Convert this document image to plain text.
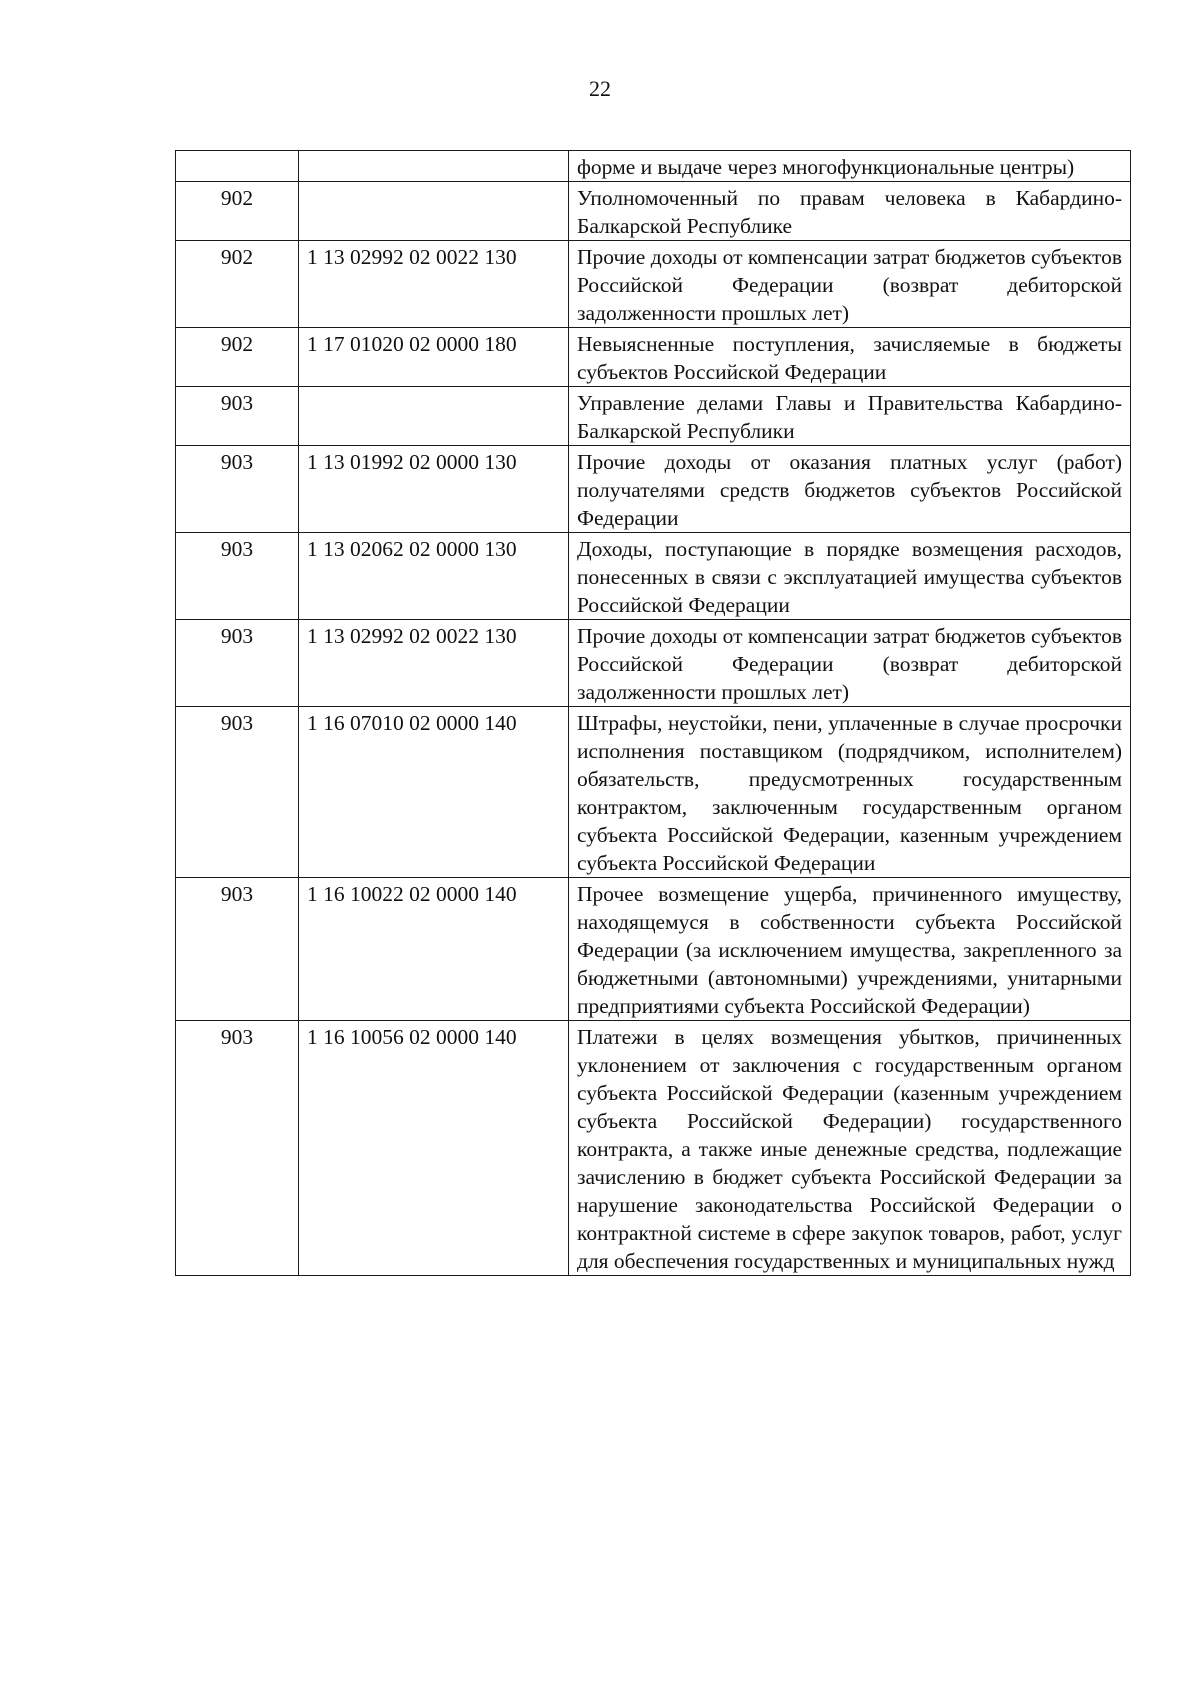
22
		форме и выдаче через многофункциональные центры)
902		Уполномоченный по правам человека в Кабардино-Балкарской Республике
902	1 13 02992 02 0022 130	Прочие доходы от компенсации затрат бюджетов субъектов Российской Федерации (возврат дебиторской задолженности прошлых лет)
902	1 17 01020 02 0000 180	Невыясненные поступления, зачисляемые в бюджеты субъектов Российской Федерации
903		Управление делами Главы и Правительства Кабардино-Балкарской Республики
903	1 13 01992 02 0000 130	Прочие доходы от оказания платных услуг (работ) получателями средств бюджетов субъектов Российской Федерации
903	1 13 02062 02 0000 130	Доходы, поступающие в порядке возмещения расходов, понесенных в связи с эксплуатацией имущества субъектов Российской Федерации
903	1 13 02992 02 0022 130	Прочие доходы от компенсации затрат бюджетов субъектов Российской Федерации (возврат дебиторской задолженности прошлых лет)
903	1 16 07010 02 0000 140	Штрафы, неустойки, пени, уплаченные в случае просрочки исполнения поставщиком (подрядчиком, исполнителем) обязательств, предусмотренных государственным контрактом, заключенным государственным органом субъекта Российской Федерации, казенным учреждением субъекта Российской Федерации
903	1 16 10022 02 0000 140	Прочее возмещение ущерба, причиненного имуществу, находящемуся в собственности субъекта Российской Федерации (за исключением имущества, закрепленного за бюджетными (автономными) учреждениями, унитарными предприятиями субъекта Российской Федерации)
903	1 16 10056 02 0000 140	Платежи в целях возмещения убытков, причиненных уклонением от заключения с государственным органом субъекта Российской Федерации (казенным учреждением субъекта Российской Федерации) государственного контракта, а также иные денежные средства, подлежащие зачислению в бюджет субъекта Российской Федерации за нарушение законодательства Российской Федерации о контрактной системе в сфере закупок товаров, работ, услуг для обеспечения государственных и муниципальных нужд
